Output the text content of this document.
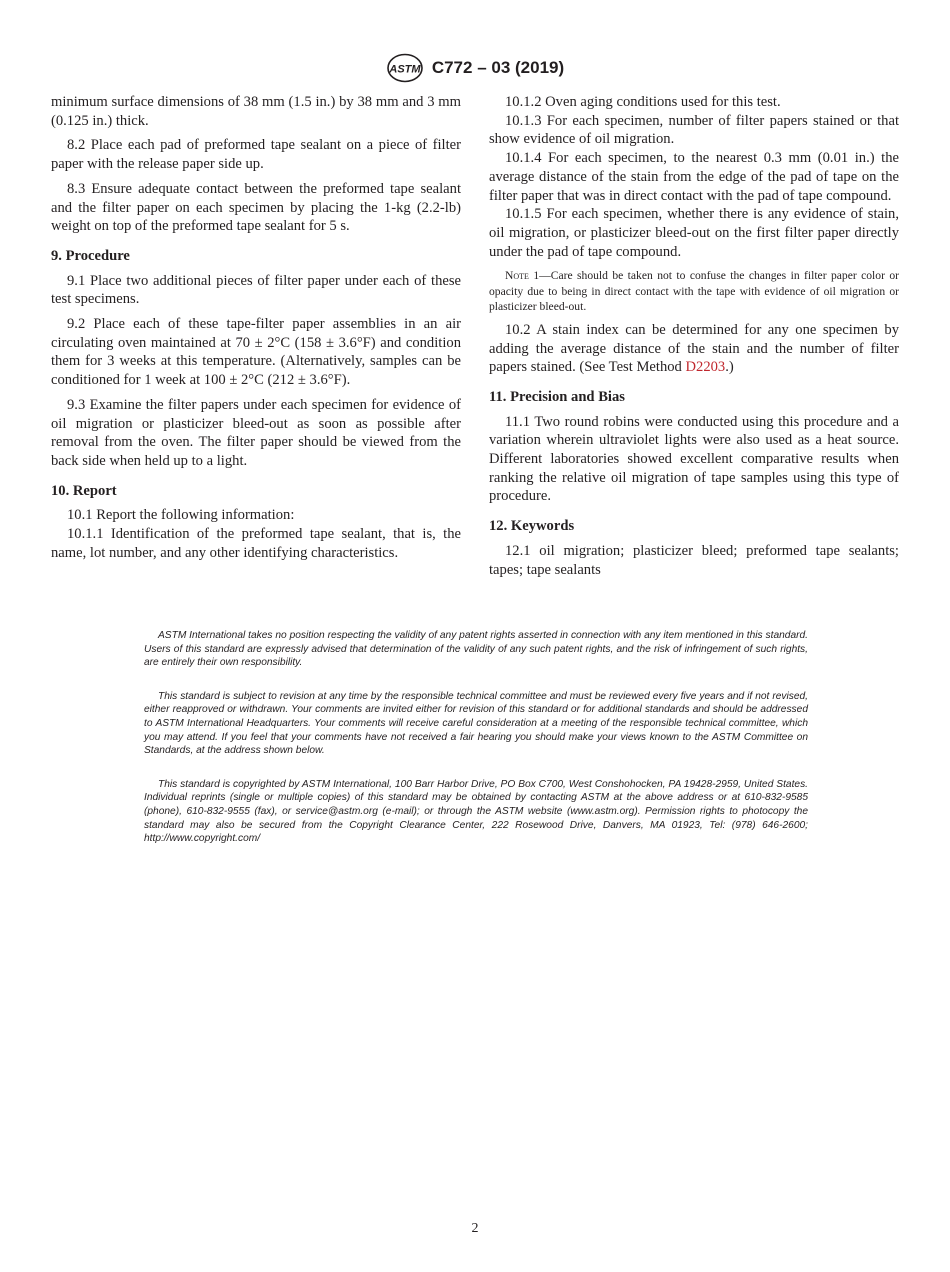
ASTM C772 – 03 (2019)

minimum surface dimensions of 38 mm (1.5 in.) by 38 mm and 3 mm (0.125 in.) thick.

8.2 Place each pad of preformed tape sealant on a piece of filter paper with the release paper side up.

8.3 Ensure adequate contact between the preformed tape sealant and the filter paper on each specimen by placing the 1-kg (2.2-lb) weight on top of the preformed tape sealant for 5 s.

9. Procedure

9.1 Place two additional pieces of filter paper under each of these test specimens.

9.2 Place each of these tape-filter paper assemblies in an air circulating oven maintained at 70 ± 2°C (158 ± 3.6°F) and condition them for 3 weeks at this temperature. (Alternatively, samples can be conditioned for 1 week at 100 ± 2°C (212 ± 3.6°F).

9.3 Examine the filter papers under each specimen for evidence of oil migration or plasticizer bleed-out as soon as possible after removal from the oven. The filter paper should be viewed from the back side when held up to a light.

10. Report

10.1 Report the following information:

10.1.1 Identification of the preformed tape sealant, that is, the name, lot number, and any other identifying characteristics.

10.1.2 Oven aging conditions used for this test.

10.1.3 For each specimen, number of filter papers stained or that show evidence of oil migration.

10.1.4 For each specimen, to the nearest 0.3 mm (0.01 in.) the average distance of the stain from the edge of the pad of tape on the filter paper that was in direct contact with the pad of tape compound.

10.1.5 For each specimen, whether there is any evidence of stain, oil migration, or plasticizer bleed-out on the first filter paper directly under the pad of tape compound.

Note 1—Care should be taken not to confuse the changes in filter paper color or opacity due to being in direct contact with the tape with evidence of oil migration or plasticizer bleed-out.

10.2 A stain index can be determined for any one specimen by adding the average distance of the stain and the number of filter papers stained. (See Test Method D2203.)

11. Precision and Bias

11.1 Two round robins were conducted using this procedure and a variation wherein ultraviolet lights were also used as a heat source. Different laboratories showed excellent comparative results when ranking the relative oil migration of tape samples using this type of procedure.

12. Keywords

12.1 oil migration; plasticizer bleed; preformed tape sealants; tapes; tape sealants

ASTM International takes no position respecting the validity of any patent rights asserted in connection with any item mentioned in this standard. Users of this standard are expressly advised that determination of the validity of any such patent rights, and the risk of infringement of such rights, are entirely their own responsibility.

This standard is subject to revision at any time by the responsible technical committee and must be reviewed every five years and if not revised, either reapproved or withdrawn. Your comments are invited either for revision of this standard or for additional standards and should be addressed to ASTM International Headquarters. Your comments will receive careful consideration at a meeting of the responsible technical committee, which you may attend. If you feel that your comments have not received a fair hearing you should make your views known to the ASTM Committee on Standards, at the address shown below.

This standard is copyrighted by ASTM International, 100 Barr Harbor Drive, PO Box C700, West Conshohocken, PA 19428-2959, United States. Individual reprints (single or multiple copies) of this standard may be obtained by contacting ASTM at the above address or at 610-832-9585 (phone), 610-832-9555 (fax), or service@astm.org (e-mail); or through the ASTM website (www.astm.org). Permission rights to photocopy the standard may also be secured from the Copyright Clearance Center, 222 Rosewood Drive, Danvers, MA 01923, Tel: (978) 646-2600; http://www.copyright.com/

2
